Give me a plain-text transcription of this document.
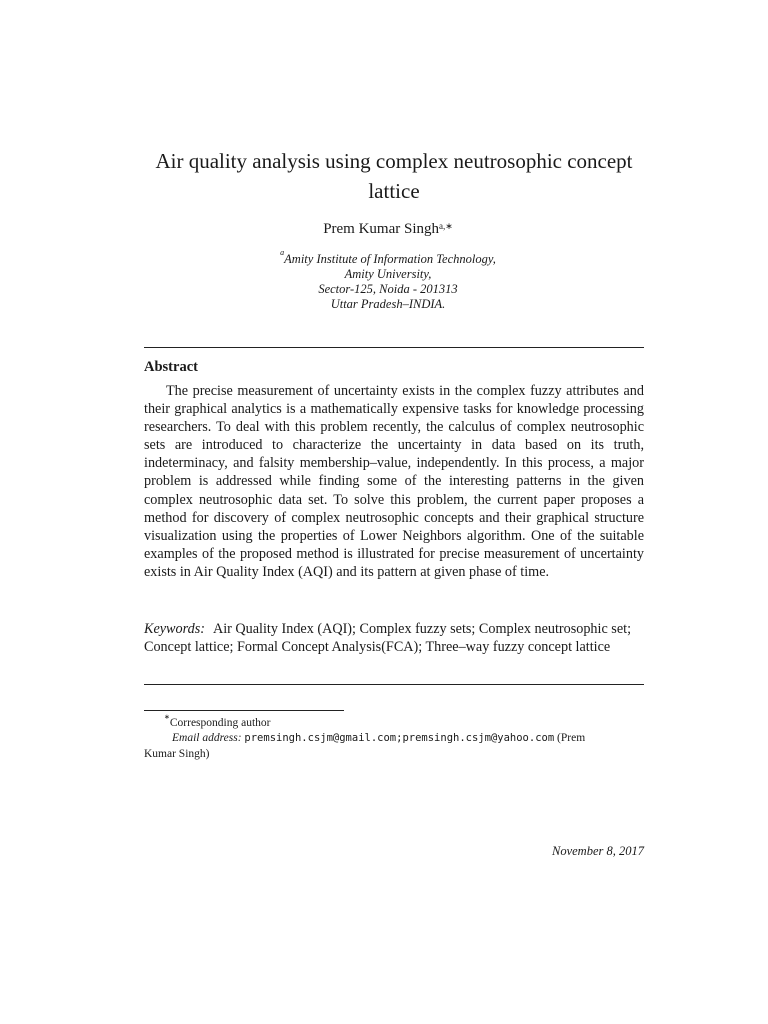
Air quality analysis using complex neutrosophic concept
lattice
Prem Kumar Singh$^{a,∗}$
$^a$Amity Institute of Information Technology,
Amity University,
Sector-125, Noida - 201313
Uttar Pradesh–INDIA.
Abstract
The precise measurement of uncertainty exists in the complex fuzzy attributes and their graphical analytics is a mathematically expensive tasks for knowledge processing researchers. To deal with this problem recently, the calculus of complex neutrosophic sets are introduced to characterize the uncertainty in data based on its truth, indeterminacy, and falsity membership–value, independently. In this process, a major problem is addressed while finding some of the interesting patterns in the given complex neutrosophic data set. To solve this problem, the current paper proposes a method for discovery of complex neutrosophic concepts and their graphical structure visualization using the properties of Lower Neighbors algorithm. One of the suitable examples of the proposed method is illustrated for precise measurement of uncertainty exists in Air Quality Index (AQI) and its pattern at given phase of time.
Keywords: Air Quality Index (AQI); Complex fuzzy sets; Complex neutrosophic set; Concept lattice; Formal Concept Analysis(FCA); Three–way fuzzy concept lattice
∗Corresponding author
Email address: premsingh.csjm@gmail.com;premsingh.csjm@yahoo.com (Prem
Kumar Singh)
November 8, 2017
